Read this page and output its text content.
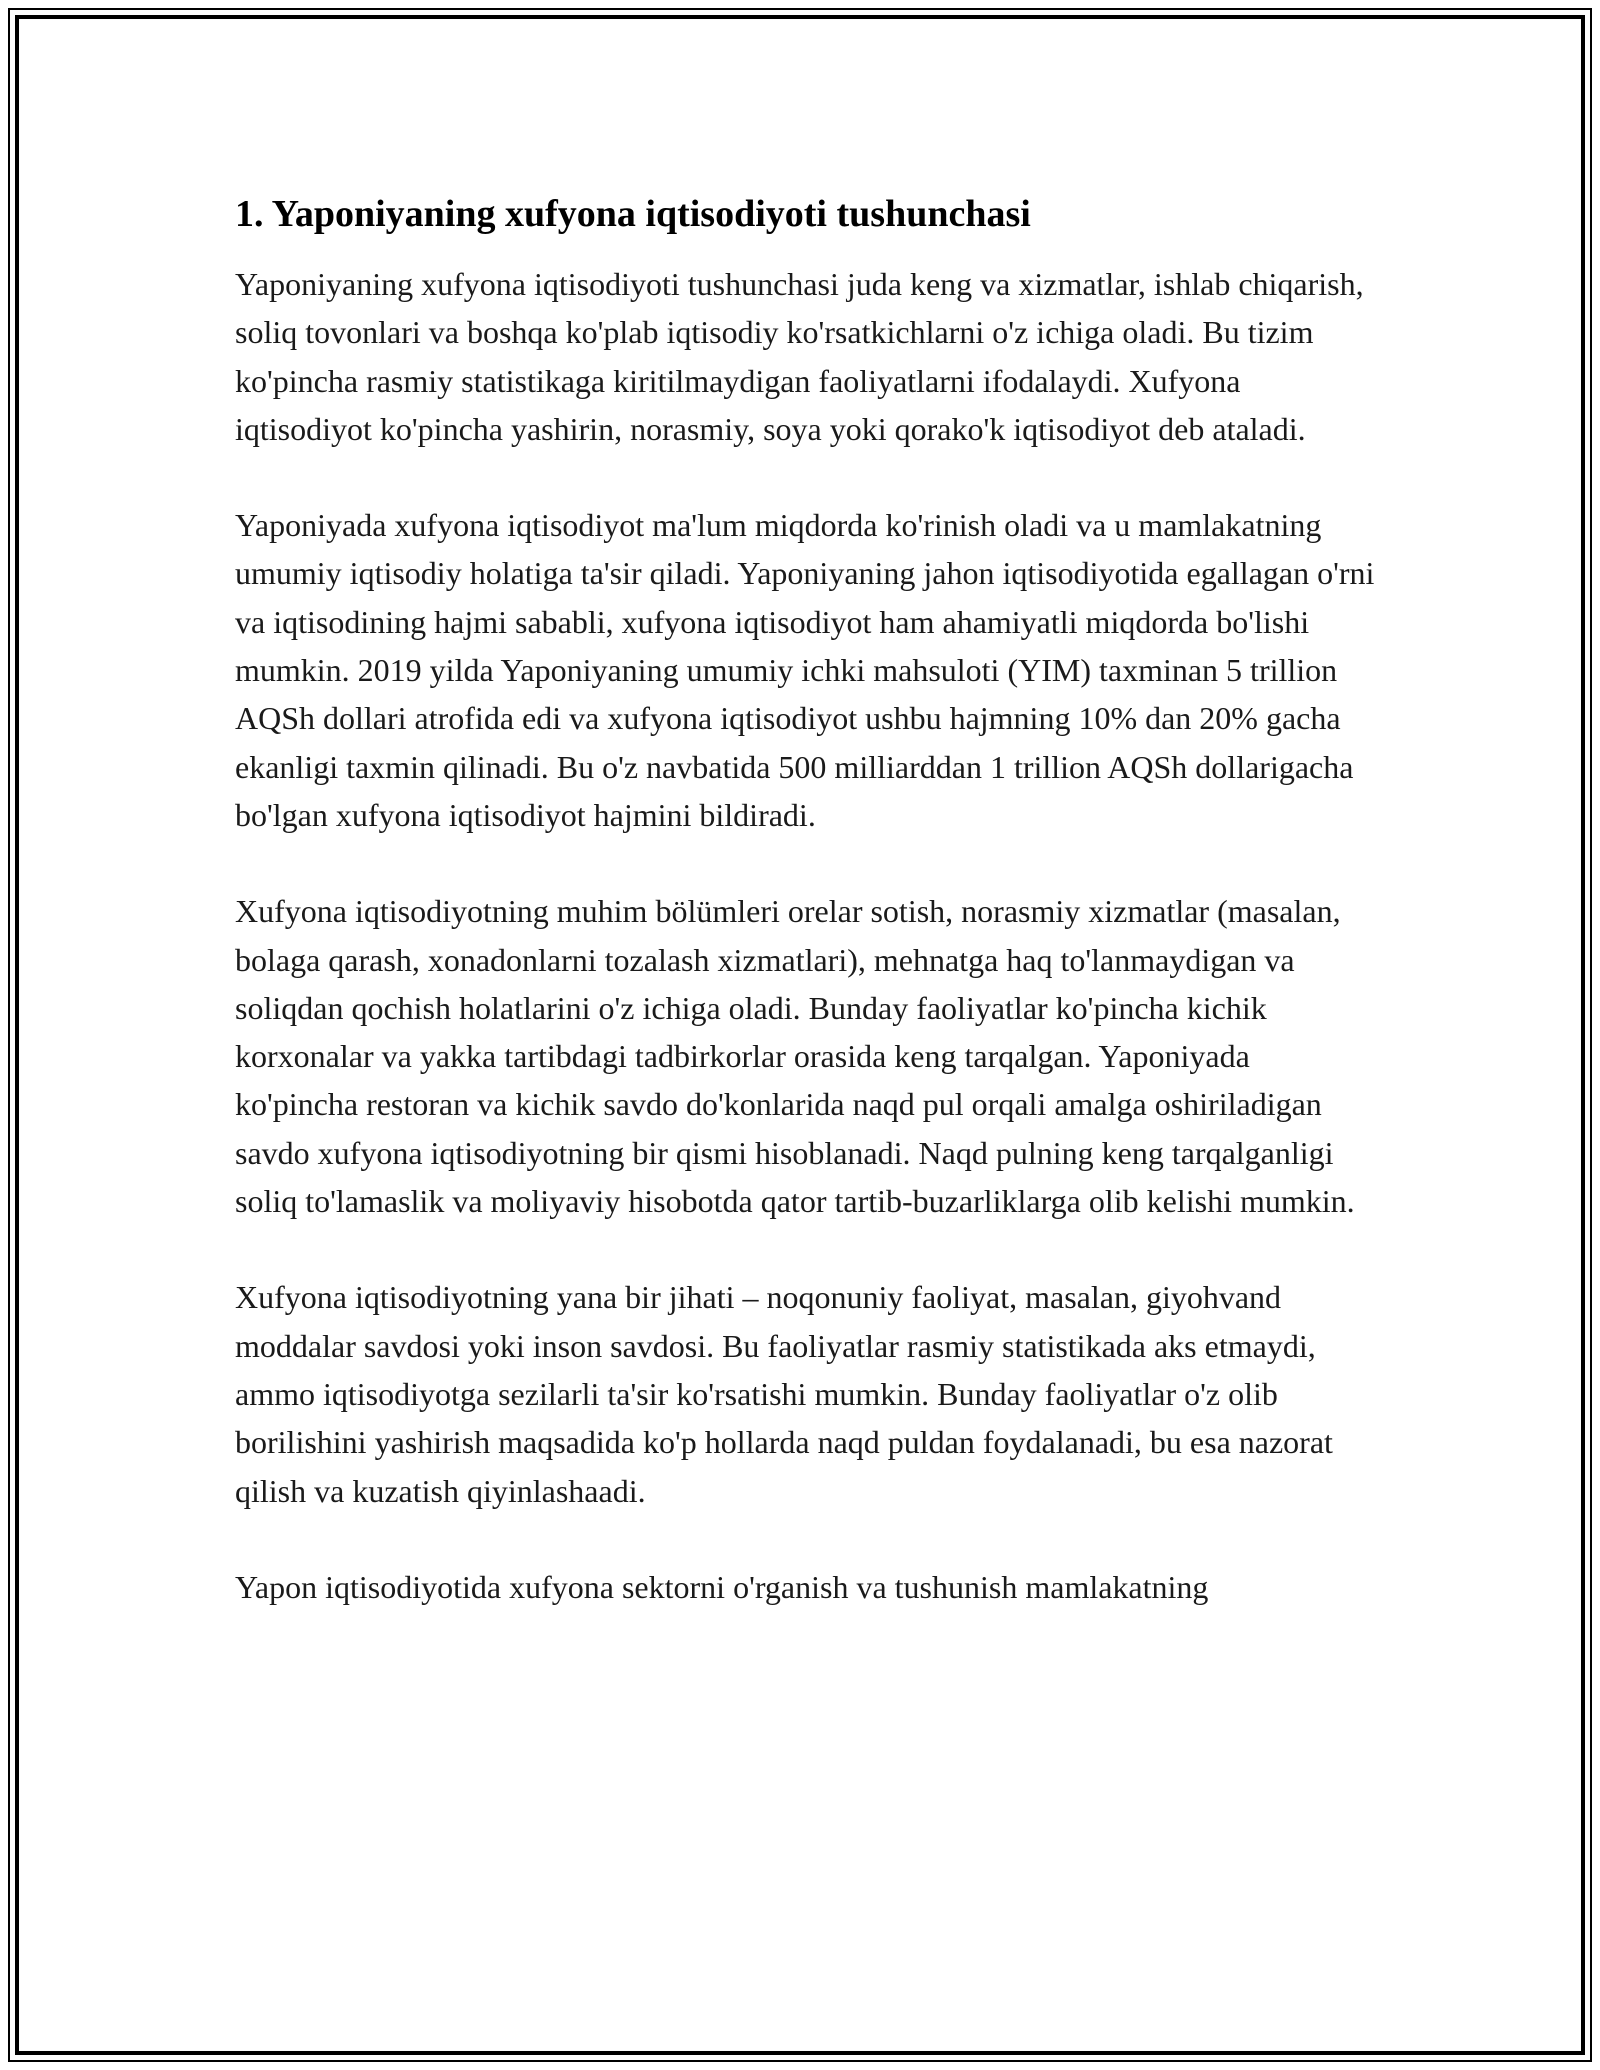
1. Yaponiyaning xufyona iqtisodiyoti tushunchasi

Yaponiyaning xufyona iqtisodiyoti tushunchasi juda keng va xizmatlar, ishlab chiqarish, soliq tovonlari va boshqa ko'plab iqtisodiy ko'rsatkichlarni o'z ichiga oladi. Bu tizim ko'pincha rasmiy statistikaga kiritilmaydigan faoliyatlarni ifodalaydi. Xufyona iqtisodiyot ko'pincha yashirin, norasmiy, soya yoki qorako'k iqtisodiyot deb ataladi.

Yaponiyada xufyona iqtisodiyot ma'lum miqdorda ko'rinish oladi va u mamlakatning umumiy iqtisodiy holatiga ta'sir qiladi. Yaponiyaning jahon iqtisodiyotida egallagan o'rni va iqtisodining hajmi sababli, xufyona iqtisodiyot ham ahamiyatli miqdorda bo'lishi mumkin. 2019 yilda Yaponiyaning umumiy ichki mahsuloti (YIM) taxminan 5 trillion AQSh dollari atrofida edi va xufyona iqtisodiyot ushbu hajmning 10% dan 20% gacha ekanligi taxmin qilinadi. Bu o'z navbatida 500 milliarddan 1 trillion AQSh dollarigacha bo'lgan xufyona iqtisodiyot hajmini bildiradi.

Xufyona iqtisodiyotning muhim bölümleri orelar sotish, norasmiy xizmatlar (masalan, bolaga qarash, xonadonlarni tozalash xizmatlari), mehnatga haq to'lanmaydigan va soliqdan qochish holatlarini o'z ichiga oladi. Bunday faoliyatlar ko'pincha kichik korxonalar va yakka tartibdagi tadbirkorlar orasida keng tarqalgan. Yaponiyada ko'pincha restoran va kichik savdo do'konlarida naqd pul orqali amalga oshiriladigan savdo xufyona iqtisodiyotning bir qismi hisoblanadi. Naqd pulning keng tarqalganligi soliq to'lamaslik va moliyaviy hisobotda qator tartib-buzarliklarga olib kelishi mumkin.

Xufyona iqtisodiyotning yana bir jihati – noqonuniy faoliyat, masalan, giyohvand moddalar savdosi yoki inson savdosi. Bu faoliyatlar rasmiy statistikada aks etmaydi, ammo iqtisodiyotga sezilarli ta'sir ko'rsatishi mumkin. Bunday faoliyatlar o'z olib borilishini yashirish maqsadida ko'p hollarda naqd puldan foydalanadi, bu esa nazorat qilish va kuzatish qiyinlashaadi.

Yapon iqtisodiyotida xufyona sektorni o'rganish va tushunish mamlakatning
